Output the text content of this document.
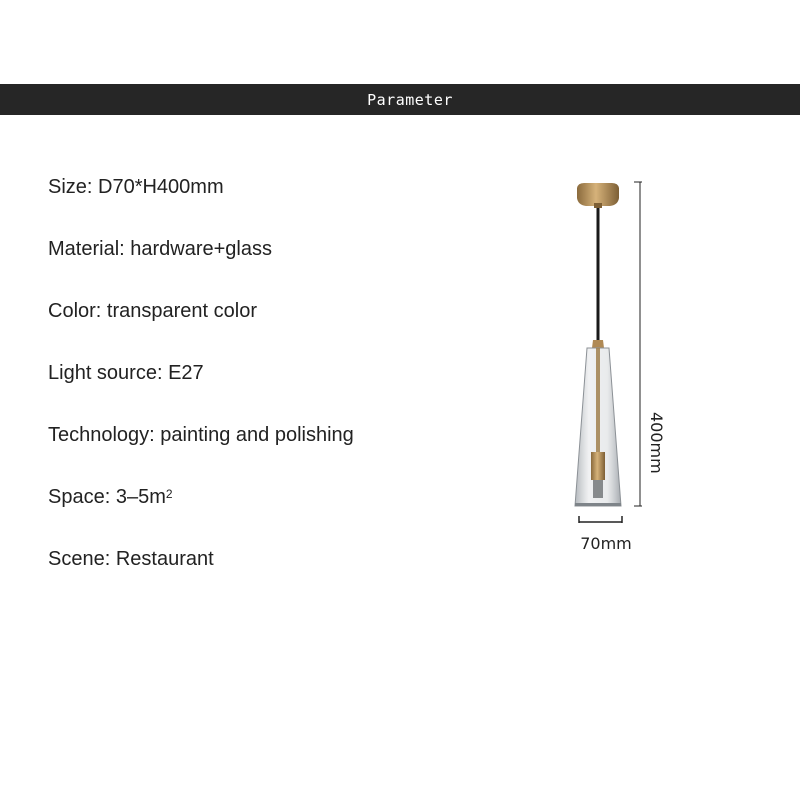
Parameter
Size: D70*H400mm
Material: hardware+glass
Color: transparent color
Light source: E27
Technology: painting and polishing
Space: $3-5m^2$
Scene: Restaurant
400mm
70mm
